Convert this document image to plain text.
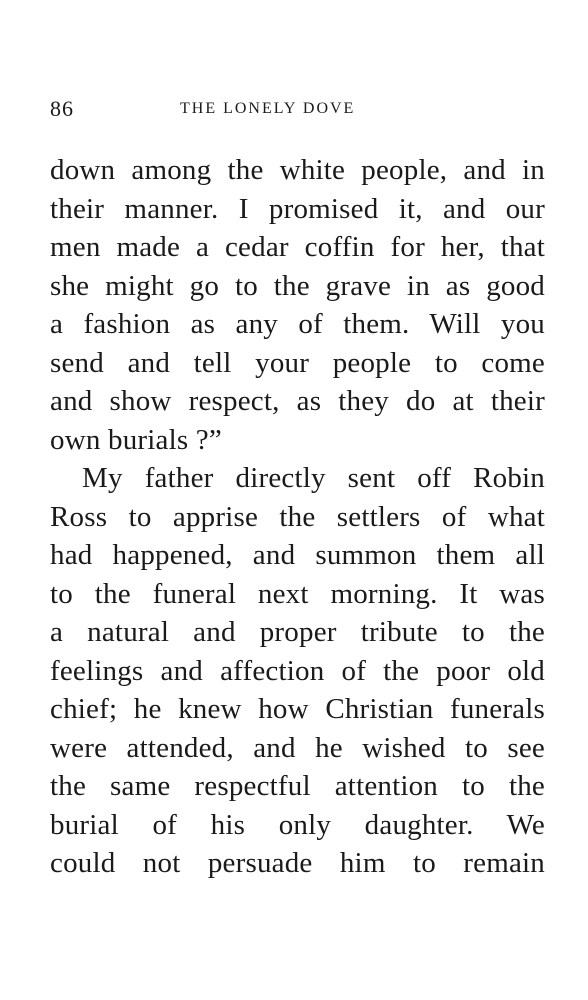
86	THE LONELY DOVE
down among the white people, and in
their manner. I promised it, and our
men made a cedar coffin for her, that
she might go to the grave in as good
a fashion as any of them. Will you
send and tell your people to come
and show respect, as they do at their
own burials ?”
My father directly sent off Robin
Ross to apprise the settlers of what
had happened, and summon them all
to the funeral next morning. It was
a natural and proper tribute to the
feelings and affection of the poor old
chief; he knew how Christian funerals
were attended, and he wished to see
the same respectful attention to the
burial of his only daughter. We
could not persuade him to remain
